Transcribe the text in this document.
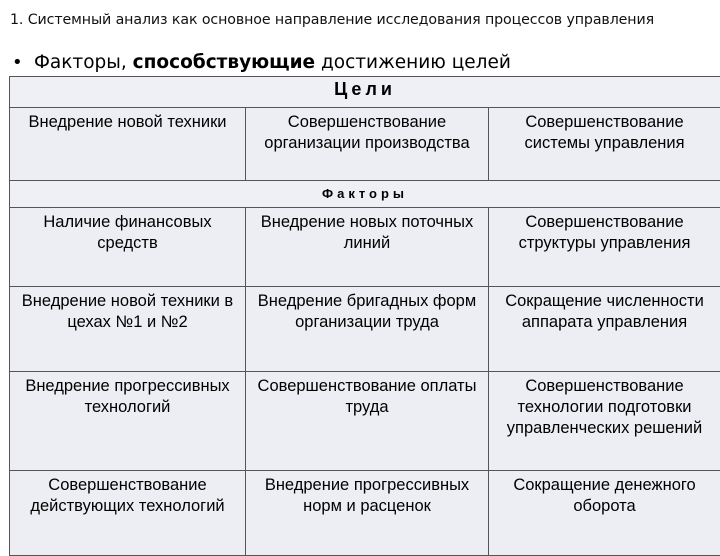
1. Системный анализ как основное направление исследования процессов управления
• Факторы, способствующие достижению целей
Цели		
Внедрение новой техники	Совершенствование организации производства	Совершенствование системы управления
Факторы		
Наличие финансовых средств	Внедрение новых поточных линий	Совершенствование структуры управления
Внедрение новой техники в цехах №1 и №2	Внедрение бригадных форм организации труда	Сокращение численности аппарата управления
Внедрение прогрессивных технологий	Совершенствование оплаты труда	Совершенствование технологии подготовки управленческих решений
Совершенствование действующих технологий	Внедрение прогрессивных норм и расценок	Сокращение денежного оборота
